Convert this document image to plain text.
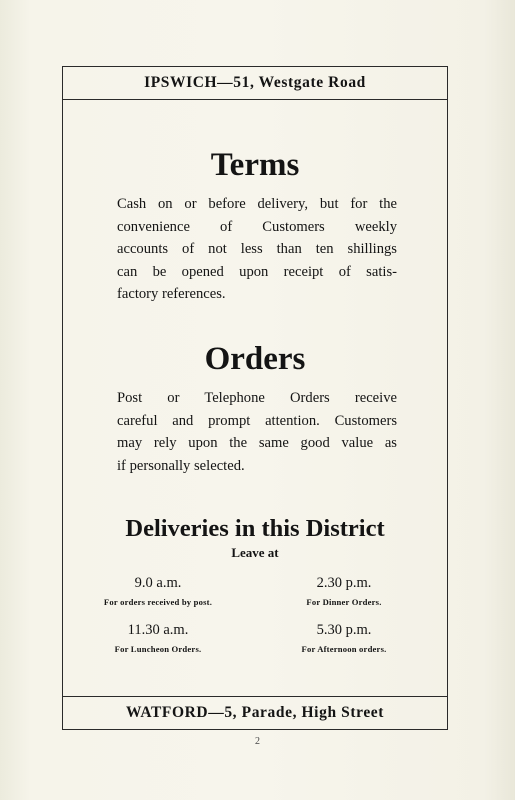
IPSWICH—51, Westgate Road
Terms
Cash on or before delivery, but for the
convenience of Customers weekly
accounts of not less than ten shillings
can be opened upon receipt of satis-
factory references.
Orders
Post or Telephone Orders receive
careful and prompt attention. Customers
may rely upon the same good value as
if personally selected.
Deliveries in this District
Leave at
9.0 a.m.
For orders received by post.
2.30 p.m.
For Dinner Orders.
11.30 a.m.
For Luncheon Orders.
5.30 p.m.
For Afternoon orders.
WATFORD—5, Parade, High Street
2
